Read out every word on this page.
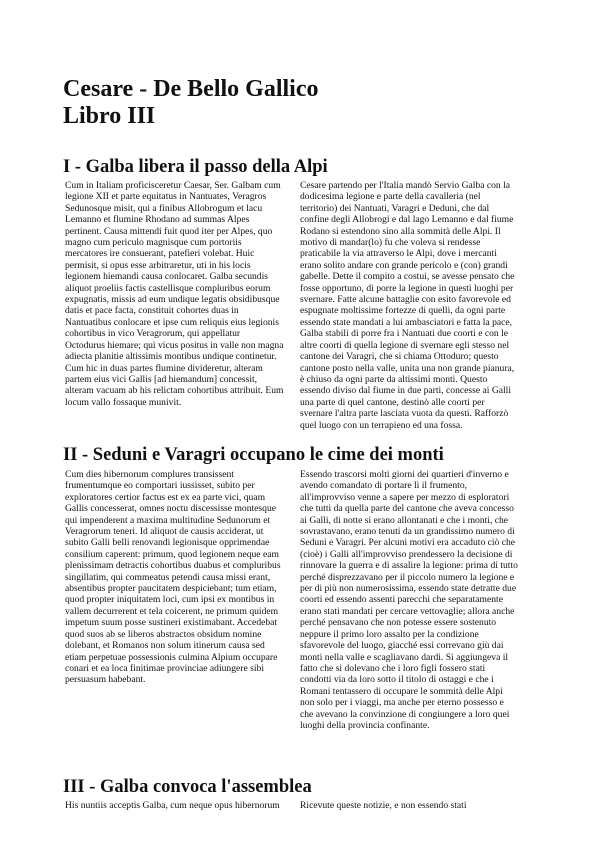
Cesare - De Bello Gallico
Libro III
I - Galba libera il passo della Alpi
Cum in Italiam proficisceretur Caesar, Ser. Galbam cum
legione XII et parte equitatus in Nantuates, Veragros
Sedunosque misit, qui a finibus Allobrogum et lacu
Lemanno et flumine Rhodano ad summas Alpes
pertinent. Causa mittendi fuit quod iter per Alpes, quo
magno cum periculo magnisque cum portoriis
mercatores ire consuerant, patefieri volebat. Huic
permisit, si opus esse arbitraretur, uti in his locis
legionem hiemandi causa conlocaret. Galba secundis
aliquot proeliis factis castellisque compluribus eorum
expugnatis, missis ad eum undique legatis obsidibusque
datis et pace facta, constituit cohortes duas in
Nantuatibus conlocare et ipse cum reliquis eius legionis
cohortibus in vico Veragrorum, qui appellatur
Octodurus hiemare; qui vicus positus in valle non magna
adiecta planitie altissimis montibus undique continetur.
Cum hic in duas partes flumine divideretur, alteram
partem eius vici Gallis [ad hiemandum] concessit,
alteram vacuam ab his relictam cohortibus attribuit. Eum
locum vallo fossaque munivit.
Cesare partendo per l'Italia mandò Servio Galba con la
dodicesima legione e parte della cavalleria (nel
territorio) dei Nantuati, Varagri e Deduni, che dal
confine degli Allobrogi e dal lago Lemanno e dal fiume
Rodano si estendono sino alla sommità delle Alpi. Il
motivo di mandar(lo) fu che voleva si rendesse
praticabile la via attraverso le Alpi, dove i mercanti
erano solito andare con grande pericolo e (con) grandi
gabelle. Dette il compito a costui, se avesse pensato che
fosse opportuno, di porre la legione in questi luoghi per
svernare. Fatte alcune battaglie con esito favorevole ed
espugnate moltissime fortezze di quelli, da ogni parte
essendo state mandati a lui ambasciatori e fatta la pace,
Galba stabilì di porre fra i Nantuati due coorti e con le
altre coorti di quella legione di svernare egli stesso nel
cantone dei Varagri, che si chiama Ottoduro; questo
cantone posto nella valle, unita una non grande pianura,
è chiuso da ogni parte da altissimi monti. Questo
essendo diviso dal fiume in due parti, concesse ai Galli
una parte di quel cantone, destinò alle coorti per
svernare l'altra parte lasciata vuota da questi. Rafforzò
quel luogo con un terrapieno ed una fossa.
II - Seduni e Varagri occupano le cime dei monti
Cum dies hibernorum complures transissent
frumentumque eo comportari iussisset, subito per
exploratores certior factus est ex ea parte vici, quam
Gallis concesserat, omnes noctu discessisse montesque
qui impenderent a maxima multitudine Sedunorum et
Veragrorum teneri. Id aliquot de causis acciderat, ut
subito Galli belli renovandi legionisque opprimendae
consilium caperent: primum, quod legionem neque eam
plenissimam detractis cohortibus duabus et compluribus
singillatim, qui commeatus petendi causa missi erant,
absentibus propter paucitatem despiciebant; tum etiam,
quod propter iniquitatem loci, cum ipsi ex montibus in
vallem decurrerent et tela coicerent, ne primum quidem
impetum suum posse sustineri existimabant. Accedebat
quod suos ab se liberos abstractos obsidum nomine
dolebant, et Romanos non solum itinerum causa sed
etiam perpetuae possessionis culmina Alpium occupare
conari et ea loca finitimae provinciae adiungere sibi
persuasum habebant.
Essendo trascorsi molti giorni dei quartieri d'inverno e
avendo comandato di portare lì il frumento,
all'improvviso venne a sapere per mezzo di esploratori
che tutti da quella parte del cantone che aveva concesso
ai Galli, di notte si erano allontanati e che i monti, che
sovrastavano, erano tenuti da un grandissimo numero di
Seduni e Varagri. Per alcuni motivi era accaduto ciò che
(cioè) i Galli all'improvviso prendessero la decisione di
rinnovare la guerra e di assalire la legione: prima di tutto
perché disprezzavano per il piccolo numero la legione e
per di più non numerosissima, essendo state detratte due
coorti ed essendo assenti parecchi che separatamente
erano stati mandati per cercare vettovaglie; allora anche
perché pensavano che non potesse essere sostenuto
neppure il primo loro assalto per la condizione
sfavorevole del luogo, giacché essi correvano giù dai
monti nella valle e scagliavano dardi. Si aggiungeva il
fatto che si dolevano che i loro figli fossero stati
condotti via da loro sotto il titolo di ostaggi e che i
Romani tentassero di occupare le sommità delle Alpi
non solo per i viaggi, ma anche per eterno possesso e
che avevano la convinzione di congiungere a loro quei
luoghi della provincia confinante.
III - Galba convoca l'assemblea
His nuntiis acceptis Galba, cum neque opus hibernorum	Ricevute queste notizie, e non essendo stati
